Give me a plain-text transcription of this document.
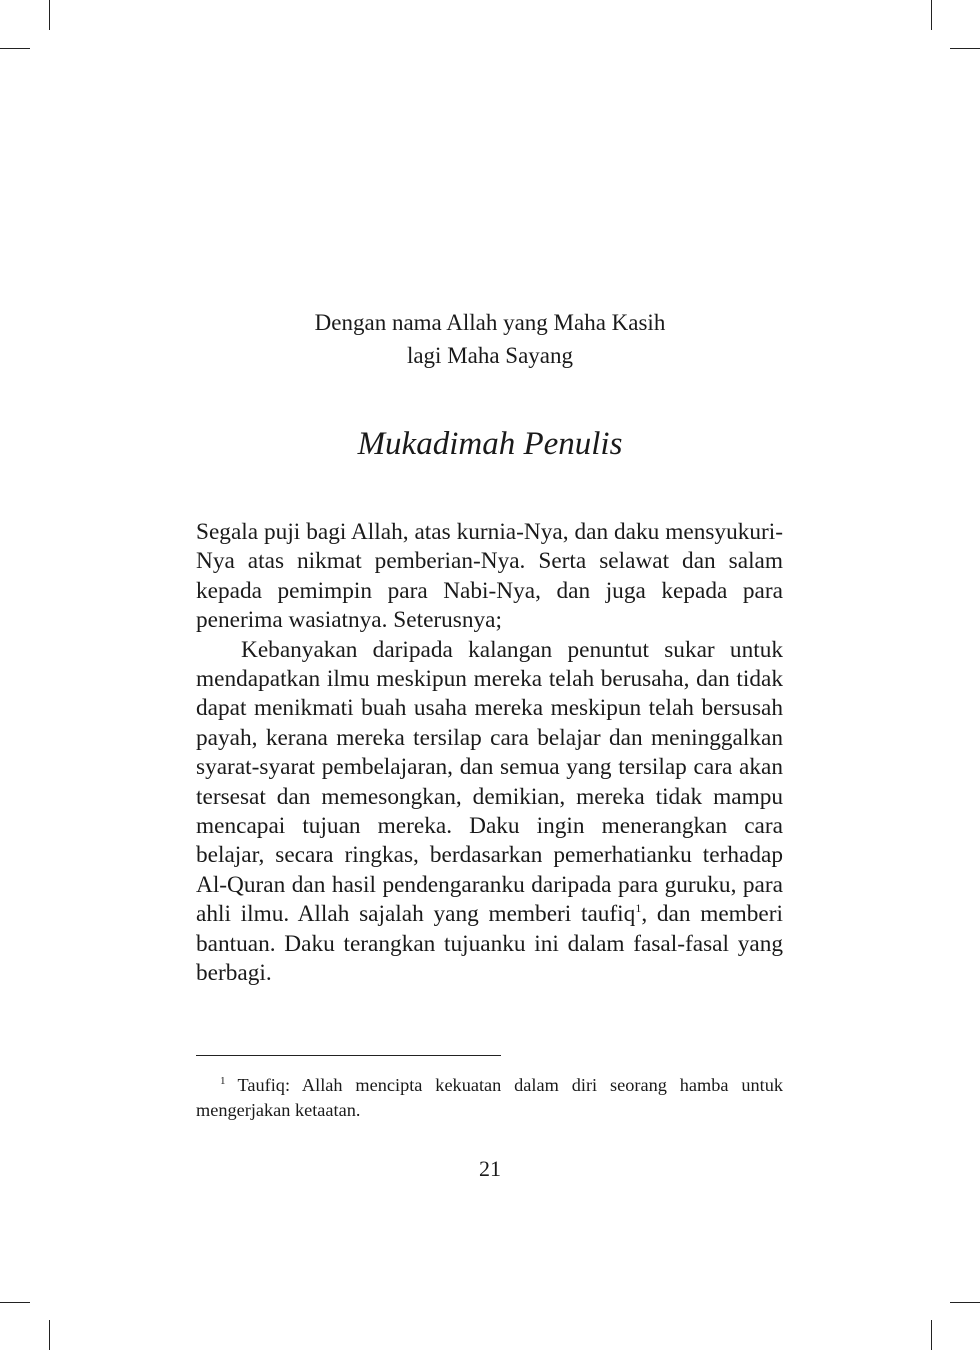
Dengan nama Allah yang Maha Kasih
lagi Maha Sayang
Mukadimah Penulis

Segala puji bagi Allah, atas kurnia-Nya, dan daku mensyukuri-Nya atas nikmat pemberian-Nya. Serta selawat dan salam kepada pemimpin para Nabi-Nya, dan juga kepada para penerima wasiatnya. Seterusnya;

Kebanyakan daripada kalangan penuntut sukar untuk mendapatkan ilmu meskipun mereka telah berusaha, dan tidak dapat menikmati buah usaha mereka meskipun telah bersusah payah, kerana mereka tersilap cara belajar dan meninggalkan syarat-syarat pembelajaran, dan semua yang tersilap cara akan tersesat dan memesongkan, demikian, mereka tidak mampu mencapai tujuan mereka. Daku ingin menerangkan cara belajar, secara ringkas, berdasarkan pemerhatianku terhadap Al-Quran dan hasil pendengaranku daripada para guruku, para ahli ilmu. Allah sajalah yang memberi taufiq$^1$, dan memberi bantuan. Daku terangkan tujuanku ini dalam fasal-fasal yang berbagi.

$^1$ Taufiq: Allah mencipta kekuatan dalam diri seorang hamba untuk mengerjakan ketaatan.
21
